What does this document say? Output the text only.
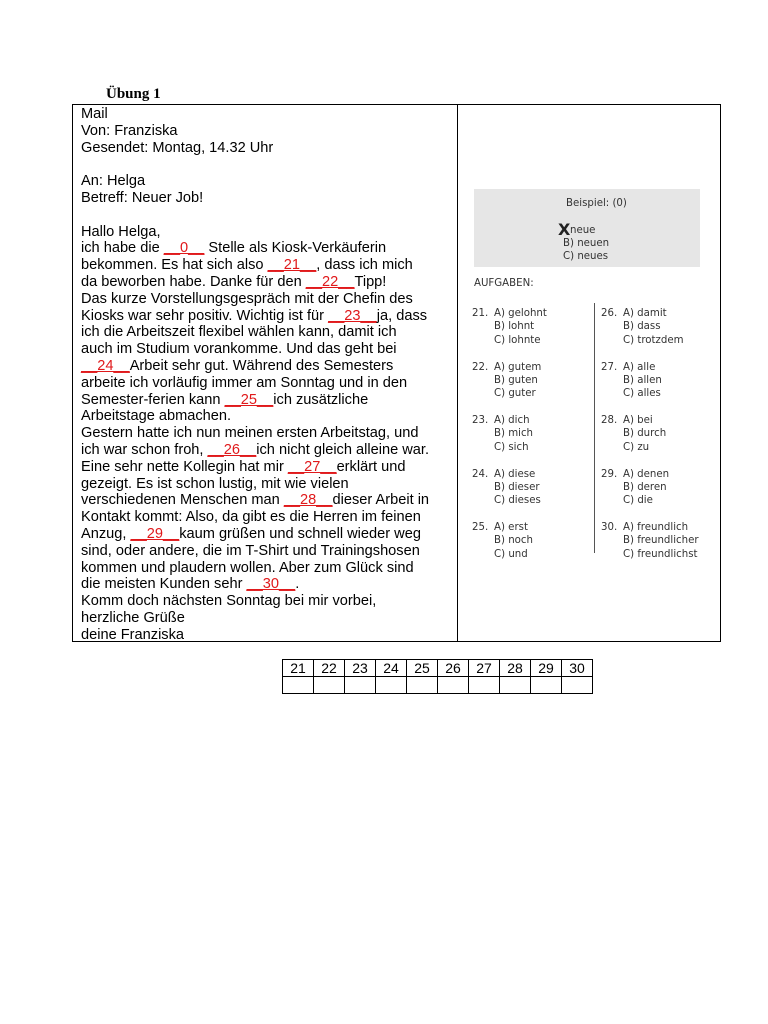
Übung 1
Mail
Von: Franziska
Gesendet: Montag, 14.32 Uhr
An: Helga
Betreff: Neuer Job!
Hallo Helga,
ich habe die __0__ Stelle als Kiosk-Verkäuferin
bekommen. Es hat sich also __21__, dass ich mich
da beworben habe. Danke für den __22__Tipp!
Das kurze Vorstellungsgespräch mit der Chefin des
Kiosks war sehr positiv. Wichtig ist für __23__ja, dass
ich die Arbeitszeit flexibel wählen kann, damit ich
auch im Studium vorankomme. Und das geht bei
__24__Arbeit sehr gut. Während des Semesters
arbeite ich vorläufig immer am Sonntag und in den
Semester-ferien kann __25__ich zusätzliche
Arbeitstage abmachen.
Gestern hatte ich nun meinen ersten Arbeitstag, und
ich war schon froh, __26__ich nicht gleich alleine war.
Eine sehr nette Kollegin hat mir __27__erklärt und
gezeigt. Es ist schon lustig, mit wie vielen
verschiedenen Menschen man __28__dieser Arbeit in
Kontakt kommt: Also, da gibt es die Herren im feinen
Anzug, __29__kaum grüßen und schnell wieder weg
sind, oder andere, die im T-Shirt und Trainingshosen
kommen und plaudern wollen. Aber zum Glück sind
die meisten Kunden sehr __30__.
Komm doch nächsten Sonntag bei mir vorbei,
herzliche Grüße
deine Franziska
Beispiel: (0)
X neue
B) neuen
C) neues
AUFGABEN:
21. A) gelohnt
B) lohnt
C) lohnte
22. A) gutem
B) guten
C) guter
23. A) dich
B) mich
C) sich
24. A) diese
B) dieser
C) dieses
25. A) erst
B) noch
C) und
26. A) damit
B) dass
C) trotzdem
27. A) alle
B) allen
C) alles
28. A) bei
B) durch
C) zu
29. A) denen
B) deren
C) die
30. A) freundlich
B) freundlicher
C) freundlichst
21	22	23	24	25	26	27	28	29	30
